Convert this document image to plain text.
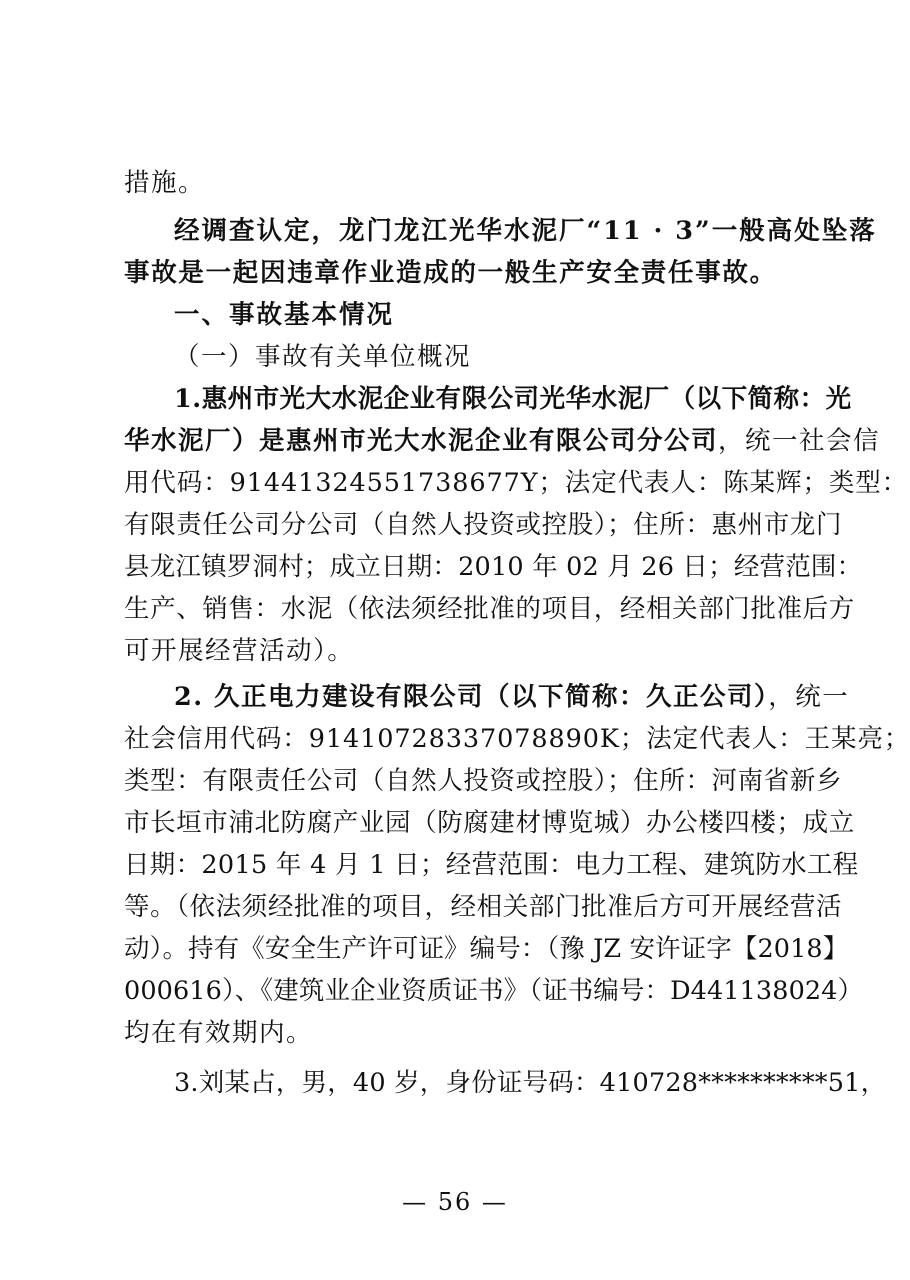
措施。
经调查认定，龙门龙江光华水泥厂“11 · 3”一般高处坠落
事故是一起因违章作业造成的一般生产安全责任事故。
一、事故基本情况
（一）事故有关单位概况
1.惠州市光大水泥企业有限公司光华水泥厂（以下简称：光
华水泥厂）是惠州市光大水泥企业有限公司分公司，统一社会信
用代码：91441324551738677Y；法定代表人：陈某辉；类型：
有限责任公司分公司（自然人投资或控股）；住所：惠州市龙门
县龙江镇罗洞村；成立日期：2010 年 02 月 26 日；经营范围：
生产、销售：水泥（依法须经批准的项目，经相关部门批准后方
可开展经营活动）。
2. 久正电力建设有限公司（以下简称：久正公司），统一
社会信用代码：91410728337078890K；法定代表人：王某亮；
类型：有限责任公司（自然人投资或控股）；住所：河南省新乡
市长垣市浦北防腐产业园（防腐建材博览城）办公楼四楼；成立
日期：2015 年 4 月 1 日；经营范围：电力工程、建筑防水工程
等。（依法须经批准的项目，经相关部门批准后方可开展经营活
动）。持有《安全生产许可证》编号：（豫 JZ 安许证字【2018】
000616）、《建筑业企业资质证书》（证书编号：D441138024）
均在有效期内。
3.刘某占，男，40 岁，身份证号码：410728**********51，
— 56 —
